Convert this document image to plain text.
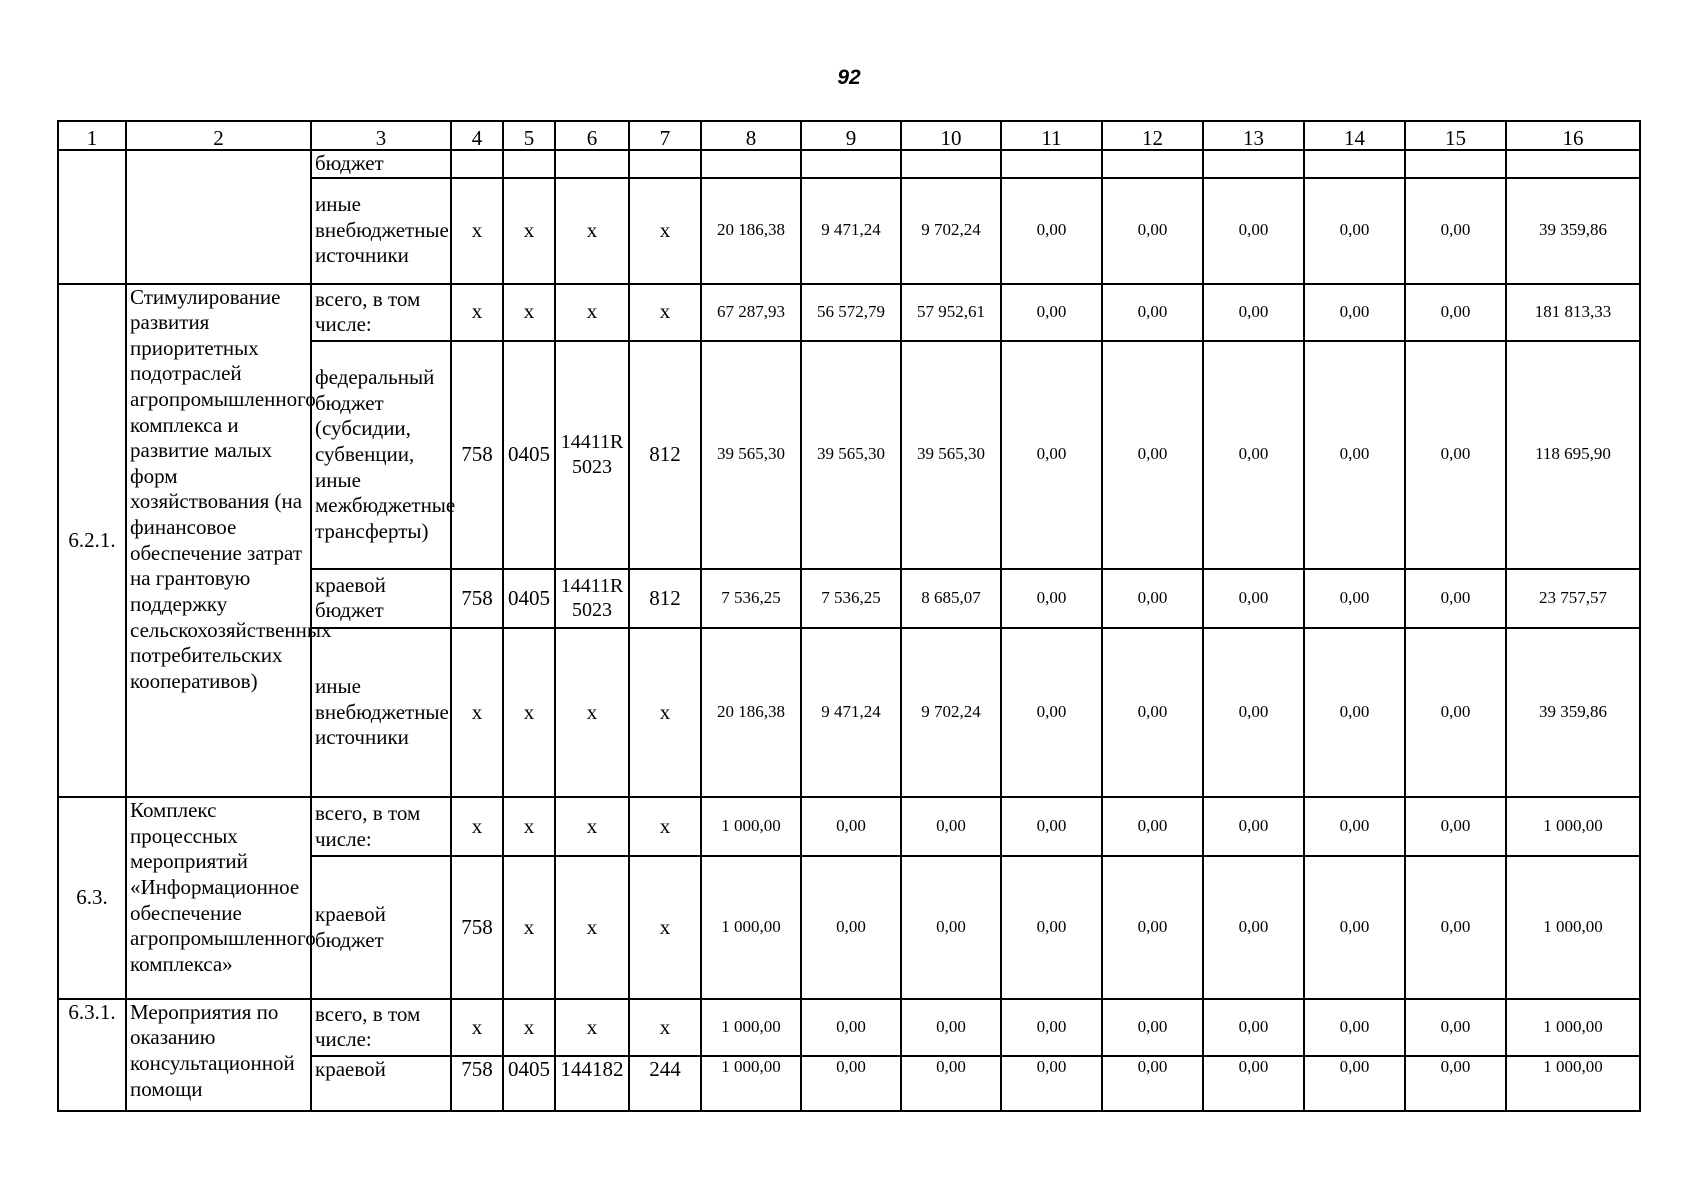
92
1	2	3	4	5	6	7	8	9	10	11	12	13	14	15	16
		бюджет													
		иные внебюджетные источники	x	x	x	x	20 186,38	9 471,24	9 702,24	0,00	0,00	0,00	0,00	0,00	39 359,86
6.2.1.	Стимулирование развития приоритетных подотраслей агропромышленного комплекса и развитие малых форм хозяйствования (на финансовое обеспечение затрат на грантовую поддержку сельскохозяйственных потребительских кооперативов)	всего, в том числе:	x	x	x	x	67 287,93	56 572,79	57 952,61	0,00	0,00	0,00	0,00	0,00	181 813,33
		федеральный бюджет (субсидии, субвенции, иные межбюджетные трансферты)	758	0405	14411R 5023	812	39 565,30	39 565,30	39 565,30	0,00	0,00	0,00	0,00	0,00	118 695,90
		краевой бюджет	758	0405	14411R 5023	812	7 536,25	7 536,25	8 685,07	0,00	0,00	0,00	0,00	0,00	23 757,57
		иные внебюджетные источники	x	x	x	x	20 186,38	9 471,24	9 702,24	0,00	0,00	0,00	0,00	0,00	39 359,86
6.3.	Комплекс процессных мероприятий «Информационное обеспечение агропромышленного комплекса»	всего, в том числе:	x	x	x	x	1 000,00	0,00	0,00	0,00	0,00	0,00	0,00	0,00	1 000,00
		краевой бюджет	758	x	x	x	1 000,00	0,00	0,00	0,00	0,00	0,00	0,00	0,00	1 000,00
6.3.1.	Мероприятия по оказанию консультационной помощи	всего, в том числе:	x	x	x	x	1 000,00	0,00	0,00	0,00	0,00	0,00	0,00	0,00	1 000,00
		краевой	758	0405	144182	244	1 000,00	0,00	0,00	0,00	0,00	0,00	0,00	0,00	1 000,00
